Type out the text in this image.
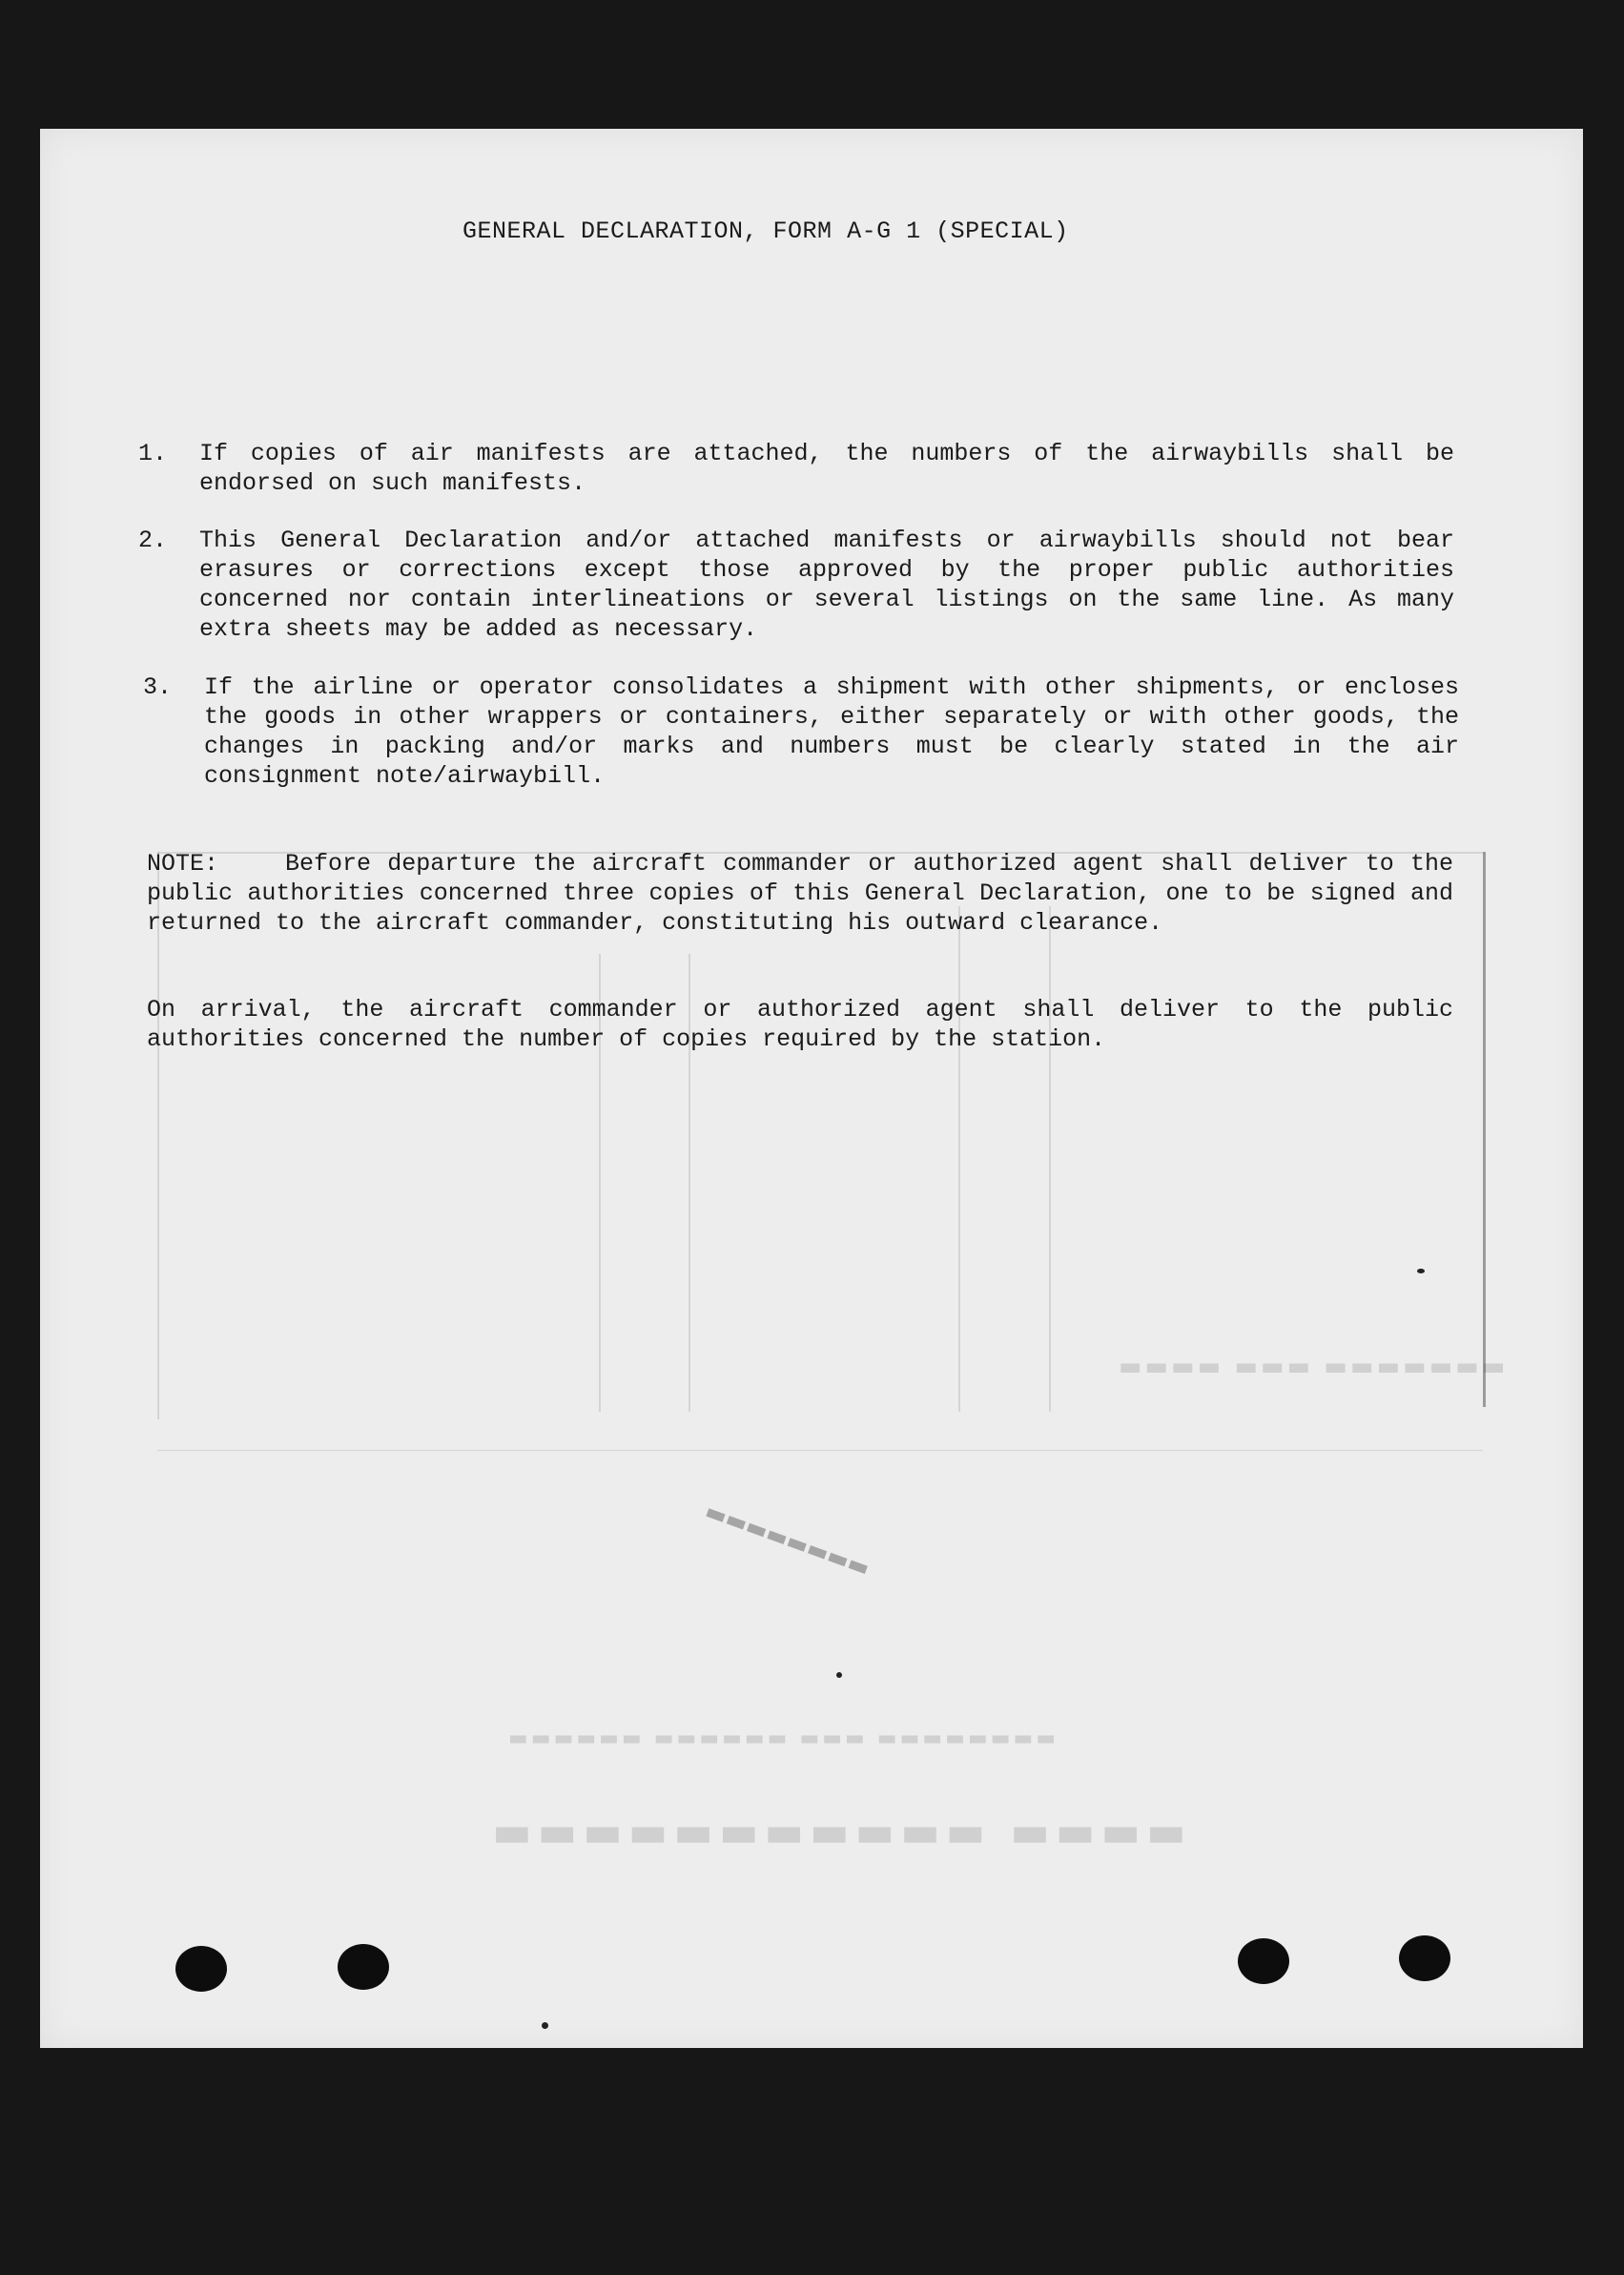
▬▬▬▬ ▬▬▬▬▬▬▬▬▬▬▬
▬▬▬▬▬▬▬▬ ▬▬▬ ▬▬▬▬▬▬ ▬▬▬▬▬▬
▬▬▬▬▬▬▬ ▬▬▬ ▬▬▬▬
▬▬▬▬▬▬▬▬
GENERAL DECLARATION, FORM A-G 1 (SPECIAL)
1.	If copies of air manifests are attached, the numbers of the airwaybills shall be endorsed on such manifests.
2.	This General Declaration and/or attached manifests or airwaybills should not bear erasures or corrections except those approved by the proper public authorities concerned nor contain interlineations or several listings on the same line. As many extra sheets may be added as necessary.
3.	If the airline or operator consolidates a shipment with other shipments, or encloses the goods in other wrappers or containers, either separately or with other goods, the changes in packing and/or marks and numbers must be clearly stated in the air consignment note/airwaybill.
NOTE:	Before departure the aircraft commander or authorized agent shall deliver to the public authorities concerned three copies of this General Declaration, one to be signed and returned to the aircraft commander, constituting his outward clearance.
On arrival, the aircraft commander or authorized agent shall deliver to the public authorities concerned the number of copies required by the station.
